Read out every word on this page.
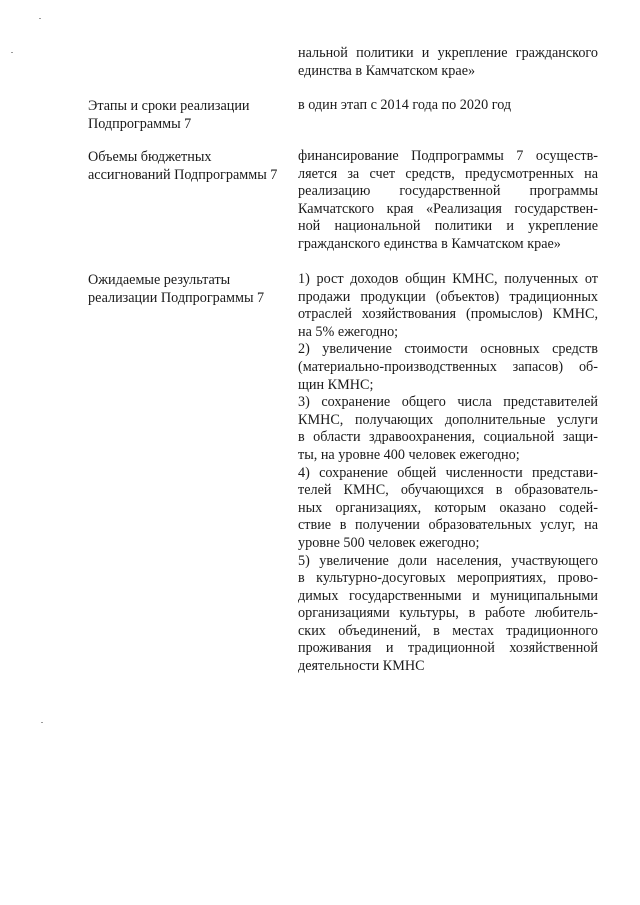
нальной политики и укрепление гражданского
единства в Камчатском крае»
Этапы и сроки реализации
Подпрограммы 7
в один этап с 2014 года по 2020 год
Объемы бюджетных
ассигнований Подпрограммы 7
финансирование Подпрограммы 7 осуществ-
ляется за счет средств, предусмотренных на
реализацию государственной программы
Камчатского края «Реализация государствен-
ной национальной политики и укрепление
гражданского единства в Камчатском крае»
Ожидаемые результаты
реализации Подпрограммы 7
1) рост доходов общин КМНС, полученных от
продажи продукции (объектов) традиционных
отраслей хозяйствования (промыслов) КМНС,
на 5% ежегодно;
2) увеличение стоимости основных средств
(материально-производственных запасов) об-
щин КМНС;
3) сохранение общего числа представителей
КМНС, получающих дополнительные услуги
в области здравоохранения, социальной защи-
ты, на уровне 400 человек ежегодно;
4) сохранение общей численности представи-
телей КМНС, обучающихся в образователь-
ных организациях, которым оказано содей-
ствие в получении образовательных услуг, на
уровне 500 человек ежегодно;
5) увеличение доли населения, участвующего
в культурно-досуговых мероприятиях, прово-
димых государственными и муниципальными
организациями культуры, в работе любитель-
ских объединений, в местах традиционного
проживания и традиционной хозяйственной
деятельности КМНС
